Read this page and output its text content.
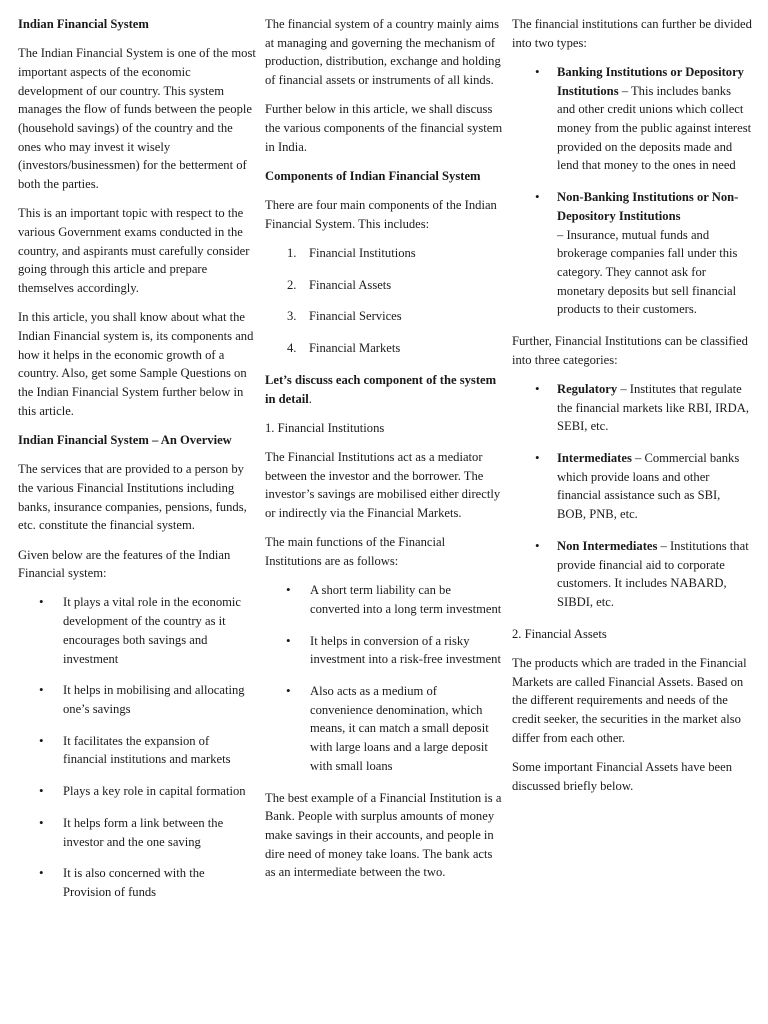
Indian Financial System

The Indian Financial System is one of the most important aspects of the economic development of our country. This system manages the flow of funds between the people (household savings) of the country and the ones who may invest it wisely (investors/businessmen) for the betterment of both the parties.

This is an important topic with respect to the various Government exams conducted in the country, and aspirants must carefully consider going through this article and prepare themselves accordingly.

In this article, you shall know about what the Indian Financial system is, its components and how it helps in the economic growth of a country. Also, get some Sample Questions on the Indian Financial System further below in this article.

Indian Financial System – An Overview

The services that are provided to a person by the various Financial Institutions including banks, insurance companies, pensions, funds, etc. constitute the financial system.

Given below are the features of the Indian Financial system:

• It plays a vital role in the economic development of the country as it encourages both savings and investment
• It helps in mobilising and allocating one’s savings
• It facilitates the expansion of financial institutions and markets
• Plays a key role in capital formation
• It helps form a link between the investor and the one saving
• It is also concerned with the Provision of funds

The financial system of a country mainly aims at managing and governing the mechanism of production, distribution, exchange and holding of financial assets or instruments of all kinds.

Further below in this article, we shall discuss the various components of the financial system in India.

Components of Indian Financial System

There are four main components of the Indian Financial System. This includes:

1. Financial Institutions
2. Financial Assets
3. Financial Services
4. Financial Markets

Let’s discuss each component of the system in detail.

1. Financial Institutions

The Financial Institutions act as a mediator between the investor and the borrower. The investor’s savings are mobilised either directly or indirectly via the Financial Markets.

The main functions of the Financial Institutions are as follows:

• A short term liability can be converted into a long term investment
• It helps in conversion of a risky investment into a risk-free investment
• Also acts as a medium of convenience denomination, which means, it can match a small deposit with large loans and a large deposit with small loans

The best example of a Financial Institution is a Bank. People with surplus amounts of money make savings in their accounts, and people in dire need of money take loans. The bank acts as an intermediate between the two.

The financial institutions can further be divided into two types:

• Banking Institutions or Depository Institutions – This includes banks and other credit unions which collect money from the public against interest provided on the deposits made and lend that money to the ones in need
• Non-Banking Institutions or Non-Depository Institutions
– Insurance, mutual funds and brokerage companies fall under this category. They cannot ask for monetary deposits but sell financial products to their customers.

Further, Financial Institutions can be classified into three categories:

• Regulatory – Institutes that regulate the financial markets like RBI, IRDA, SEBI, etc.
• Intermediates – Commercial banks which provide loans and other financial assistance such as SBI, BOB, PNB, etc.
• Non Intermediates – Institutions that provide financial aid to corporate customers. It includes NABARD, SIBDI, etc.

2. Financial Assets

The products which are traded in the Financial Markets are called Financial Assets. Based on the different requirements and needs of the credit seeker, the securities in the market also differ from each other.

Some important Financial Assets have been discussed briefly below.
